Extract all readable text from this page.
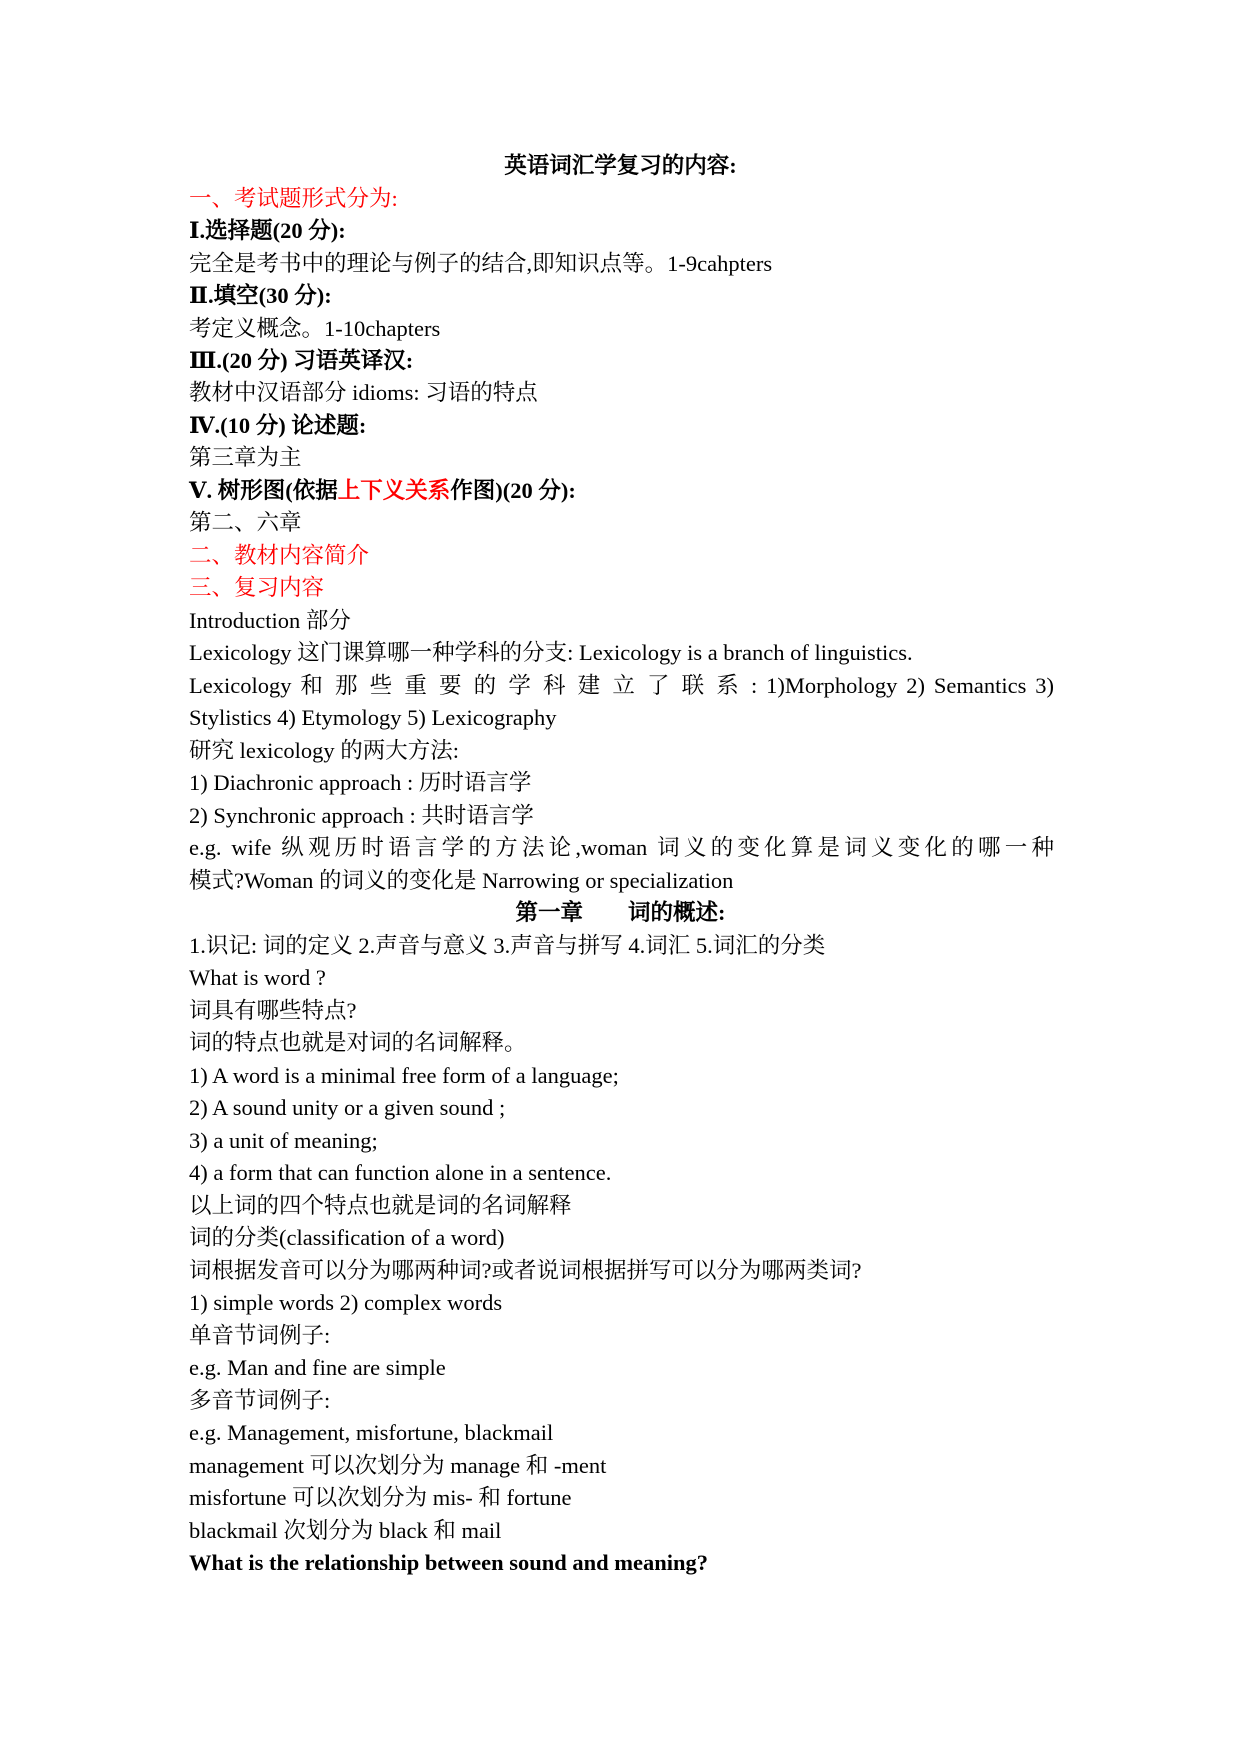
英语词汇学复习的内容:
一、考试题形式分为:
Ⅰ.选择题(20 分):
完全是考书中的理论与例子的结合,即知识点等。1-9cahpters
Ⅱ.填空(30 分):
考定义概念。1-10chapters
Ⅲ.(20 分) 习语英译汉:
教材中汉语部分 idioms: 习语的特点
Ⅳ.(10 分) 论述题:
第三章为主
Ⅴ. 树形图(依据上下义关系作图)(20 分):
第二、六章
二、教材内容简介
三、复习内容
Introduction 部分
Lexicology 这门课算哪一种学科的分支: Lexicology is a branch of linguistics.
Lexicology 和 那 些 重 要 的 学 科 建 立 了 联 系 : 1)Morphology 2) Semantics 3)
Stylistics 4) Etymology 5) Lexicography
研究 lexicology 的两大方法:
1) Diachronic approach : 历时语言学
2) Synchronic approach : 共时语言学
e.g. wife 纵观历时语言学的方法论,woman 词义的变化算是词义变化的哪一种
模式?Woman 的词义的变化是 Narrowing or specialization
第一章 词的概述:
1.识记: 词的定义 2.声音与意义 3.声音与拼写 4.词汇 5.词汇的分类
What is word ?
词具有哪些特点?
词的特点也就是对词的名词解释。
1) A word is a minimal free form of a language;
2) A sound unity or a given sound ;
3) a unit of meaning;
4) a form that can function alone in a sentence.
以上词的四个特点也就是词的名词解释
词的分类(classification of a word)
词根据发音可以分为哪两种词?或者说词根据拼写可以分为哪两类词?
1) simple words 2) complex words
单音节词例子:
e.g. Man and fine are simple
多音节词例子:
e.g. Management, misfortune, blackmail
management 可以次划分为 manage 和 -ment
misfortune 可以次划分为 mis- 和 fortune
blackmail 次划分为 black 和 mail
What is the relationship between sound and meaning?
